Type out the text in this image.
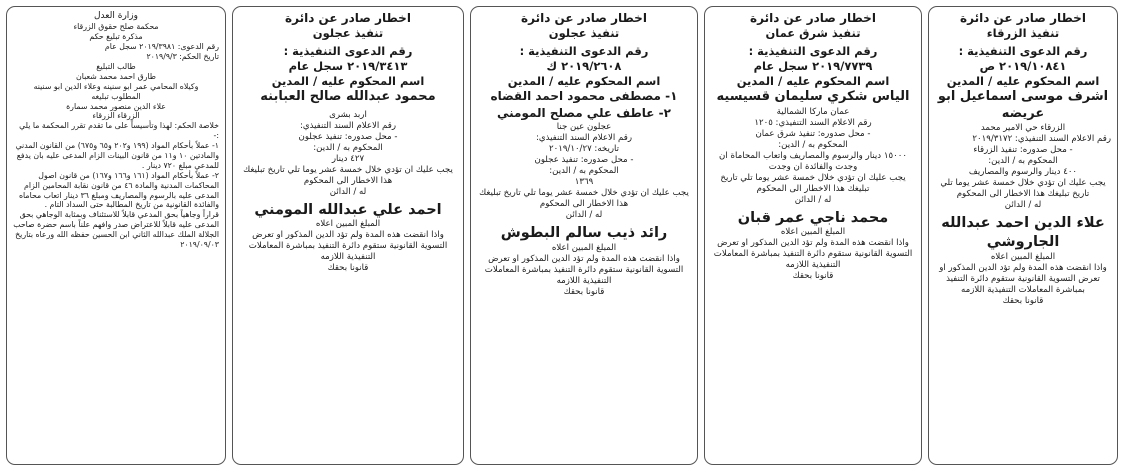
اخطار صادر عن دائرة
تنفيذ الزرقاء
رقم الدعوى التنفيذية :
٢٠١٩/١٠٨٤١ ص
اسم المحكوم عليه / المدين
اشرف موسى اسماعيل ابو عريضه
الزرقاء حي الامير محمد
رقم الاعلام السند التنفيذي: ٢٠١٩/٣١٧٢
- محل صدوره: تنفيذ الزرقاء
المحكوم به / الدين:
٤٠٠ دينار والرسوم والمصاريف
يجب عليك ان تؤدي خلال خمسة عشر يوما تلي تاريخ تبليغك هذا الاخطار الى المحكوم
له / الدائن
علاء الدين احمد عبدالله الجاروشي
المبلغ المبين اعلاه
واذا انقضت هذه المدة ولم تؤد الدين المذكور او تعرض التسوية القانونية ستقوم دائرة التنفيذ بمباشرة المعاملات التنفيذية اللازمه
قانونا بحقك
اخطار صادر عن دائرة
تنفيذ شرق عمان
رقم الدعوى التنفيذية :
٢٠١٩/٧٧٣٩ سجل عام
اسم المحكوم عليه / المدين
الياس شكري سليمان قسيسيه
عمان ماركا الشمالية
رقم الاعلام السند التنفيذي: ١٢٠٥
- محل صدوره: تنفيذ شرق عمان
المحكوم به / الدين:
١٥٠٠٠ دينار والرسوم والمصاريف واتعاب المحاماة ان وجدت والفائدة ان وجدت
يجب عليك ان تؤدي خلال خمسة عشر يوما تلي تاريخ تبليغك هذا الاخطار الى المحكوم
له / الدائن
محمد ناجي عمر قبان
المبلغ المبين اعلاه
واذا انقضت هذه المدة ولم تؤد الدين المذكور او تعرض التسوية القانونية ستقوم دائرة التنفيذ بمباشرة المعاملات التنفيذية اللازمه
قانونا بحقك
اخطار صادر عن دائرة
تنفيذ عجلون
رقم الدعوى التنفيذية :
٢٠١٩/٢٦٠٨ ك
اسم المحكوم عليه / المدين
١- مصطفى محمود احمد القضاه
٢- عاطف علي مصلح المومني
عجلون عين جنا
رقم الاعلام السند التنفيذي:
تاريخه: ٢٠١٩/١٠/٢٧
- محل صدوره: تنفيذ عجلون
المحكوم به / الدين:
١٣٦٩
يجب عليك ان تؤدي خلال خمسة عشر يوما تلي تاريخ تبليغك هذا الاخطار الى المحكوم
له / الدائن
رائد ذيب سالم البطوش
المبلغ المبين اعلاه
واذا انقضت هذه المدة ولم تؤد الدين المذكور او تعرض التسوية القانونية ستقوم دائرة التنفيذ بمباشرة المعاملات التنفيذية اللازمه
قانونا بحقك
اخطار صادر عن دائرة
تنفيذ عجلون
رقم الدعوى التنفيذية :
٢٠١٩/٣٤١٣ سجل عام
اسم المحكوم عليه / المدين
محمود عبدالله صالح العبابنه
اربد بشرى
رقم الاعلام السند التنفيذي:
- محل صدوره: تنفيذ عجلون
المحكوم به / الدين:
٤٢٧ دينار
يجب عليك ان تؤدي خلال خمسة عشر يوما تلي تاريخ تبليغك هذا الاخطار الى المحكوم
له / الدائن
احمد علي عبدالله المومني
المبلغ المبين اعلاه
واذا انقضت هذه المدة ولم تؤد الدين المذكور او تعرض التسوية القانونية ستقوم دائرة التنفيذ بمباشرة المعاملات التنفيذية اللازمه
قانونا بحقك
وزارة العدل
محكمة صلح حقوق الزرقاء
مذكرة تبليغ حكم
رقم الدعوى: ٢٠١٩/٣٩٨١ سجل عام
تاريخ الحكم: ٢٠١٩/٩/٣
طالب التبليغ
طارق احمد محمد شعبان
وكيلاه المحامي عمر ابو سنينه وعلاء الدين ابو سنينه
المطلوب تبليغه
علاء الدين منصور محمد سمارة
الزرقاء الزرقاء
خلاصة الحكم: لهذا وتأسيساً على ما تقدم تقرر المحكمة ما يلي :-
١- عملاً بأحكام المواد (١٩٩ و٢٠٢ و٦٥ و٦٧٥) من القانون المدني والمادتين ١٠ و١١ من قانون البينات الزام المدعى عليه بان يدفع للمدعي مبلغ ٧٢٠ دينار .
٢- عملاً بأحكام المواد (١٦١ و١٦٦ و١٦٧) من قانون اصول المحاكمات المدنية والمادة ٤٦ من قانون نقابة المحامين الزام المدعى عليه بالرسوم والمصاريف ومبلغ ٣٦ دينار اتعاب محاماه والفائدة القانونية من تاريخ المطالبة حتى السداد التام .
قراراً وجاهياً بحق المدعي قابلاً للاستئناف وبمثابة الوجاهي بحق المدعى عليه قابلاً للاعتراض صدر وافهم علناً باسم حضرة صاحب الجلالة الملك عبدالله الثاني ابن الحسين حفظه الله ورعاه بتاريخ ٢٠١٩/٠٩/٠٣
